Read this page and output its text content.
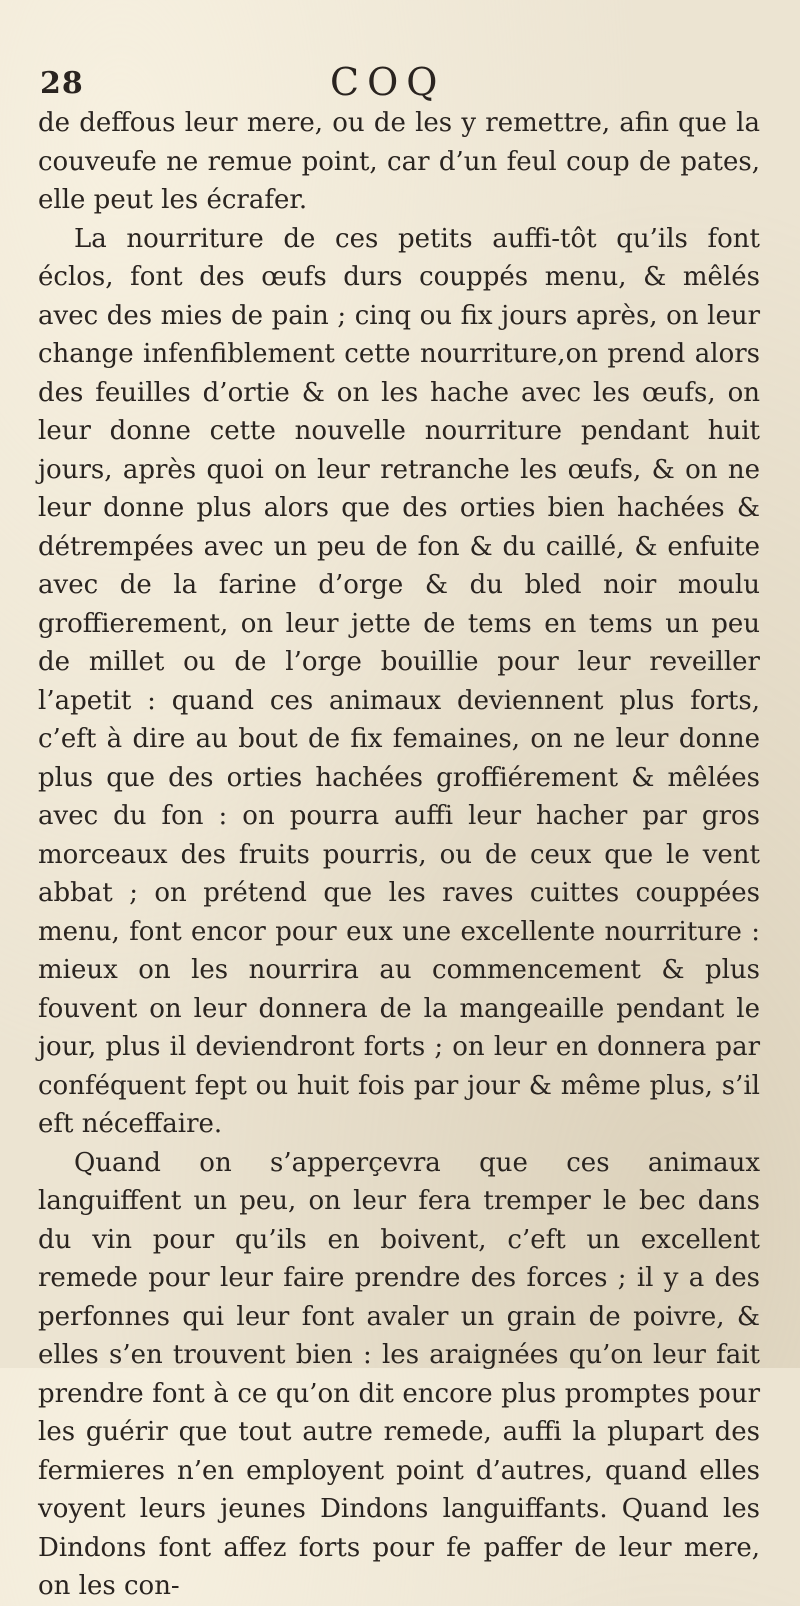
28	COQ

de deffous leur mere, ou de les y remettre, afin que la couveufe ne remue point, car d’un feul coup de pates, elle peut les écrafer.

La nourriture de ces petits auffi-tôt qu’ils font éclos, font des œufs durs couppés menu, & mêlés avec des mies de pain ; cinq ou fix jours après, on leur change infenfiblement cette nourriture,on prend alors des feuilles d’ortie & on les hache avec les œufs, on leur donne cette nouvelle nourriture pendant huit jours, après quoi on leur retranche les œufs, & on ne leur donne plus alors que des orties bien hachées & détrempées avec un peu de fon & du caillé, & enfuite avec de la farine d’orge & du bled noir moulu groffierement, on leur jette de tems en tems un peu de millet ou de l’orge bouillie pour leur reveiller l’apetit : quand ces animaux deviennent plus forts, c’eft à dire au bout de fix femaines, on ne leur donne plus que des orties hachées groffiérement & mêlées avec du fon : on pourra auffi leur hacher par gros morceaux des fruits pourris, ou de ceux que le vent abbat ; on prétend que les raves cuittes couppées menu, font encor pour eux une excellente nourriture : mieux on les nourrira au commencement & plus fouvent on leur donnera de la mangeaille pendant le jour, plus il deviendront forts ; on leur en donnera par conféquent fept ou huit fois par jour & même plus, s’il eft néceffaire.

Quand on s’apperçevra que ces animaux languiffent un peu, on leur fera tremper le bec dans du vin pour qu’ils en boivent, c’eft un excellent remede pour leur faire prendre des forces ; il y a des perfonnes qui leur font avaler un grain de poivre, & elles s’en trouvent bien : les araignées qu’on leur fait prendre font à ce qu’on dit encore plus promptes pour les guérir que tout autre remede, auffi la plupart des fermieres n’en employent point d’autres, quand elles voyent leurs jeunes Dindons languiffants. Quand les Dindons font affez forts pour fe paffer de leur mere, on les con-
